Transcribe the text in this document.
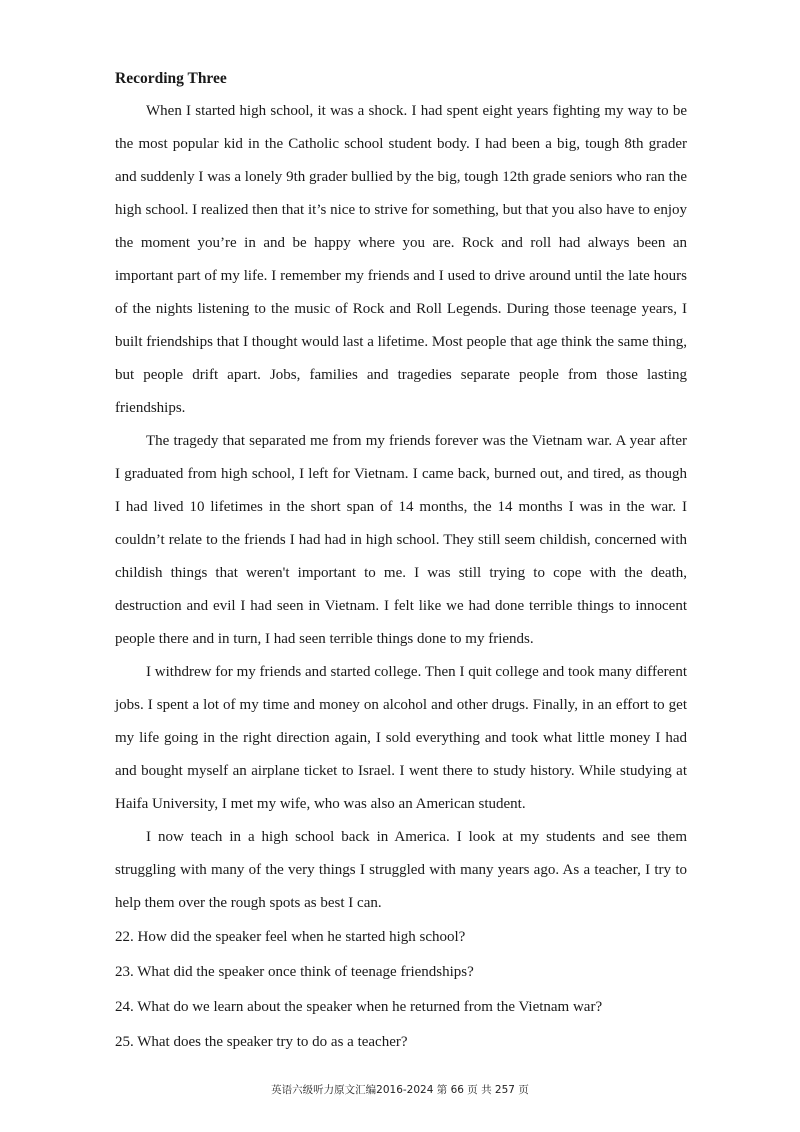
Recording Three

When I started high school, it was a shock. I had spent eight years fighting my way to be the most popular kid in the Catholic school student body. I had been a big, tough 8th grader and suddenly I was a lonely 9th grader bullied by the big, tough 12th grade seniors who ran the high school. I realized then that it’s nice to strive for something, but that you also have to enjoy the moment you’re in and be happy where you are. Rock and roll had always been an important part of my life. I remember my friends and I used to drive around until the late hours of the nights listening to the music of Rock and Roll Legends. During those teenage years, I built friendships that I thought would last a lifetime. Most people that age think the same thing, but people drift apart. Jobs, families and tragedies separate people from those lasting friendships.

The tragedy that separated me from my friends forever was the Vietnam war. A year after I graduated from high school, I left for Vietnam. I came back, burned out, and tired, as though I had lived 10 lifetimes in the short span of 14 months, the 14 months I was in the war. I couldn’t relate to the friends I had had in high school. They still seem childish, concerned with childish things that weren't important to me. I was still trying to cope with the death, destruction and evil I had seen in Vietnam. I felt like we had done terrible things to innocent people there and in turn, I had seen terrible things done to my friends.

I withdrew for my friends and started college. Then I quit college and took many different jobs. I spent a lot of my time and money on alcohol and other drugs. Finally, in an effort to get my life going in the right direction again, I sold everything and took what little money I had and bought myself an airplane ticket to Israel. I went there to study history. While studying at Haifa University, I met my wife, who was also an American student.

I now teach in a high school back in America. I look at my students and see them struggling with many of the very things I struggled with many years ago. As a teacher, I try to help them over the rough spots as best I can.

22. How did the speaker feel when he started high school?

23. What did the speaker once think of teenage friendships?

24. What do we learn about the speaker when he returned from the Vietnam war?

25. What does the speaker try to do as a teacher?

英语六级听力原文汇编2016-2024 第 66 页 共 257 页
